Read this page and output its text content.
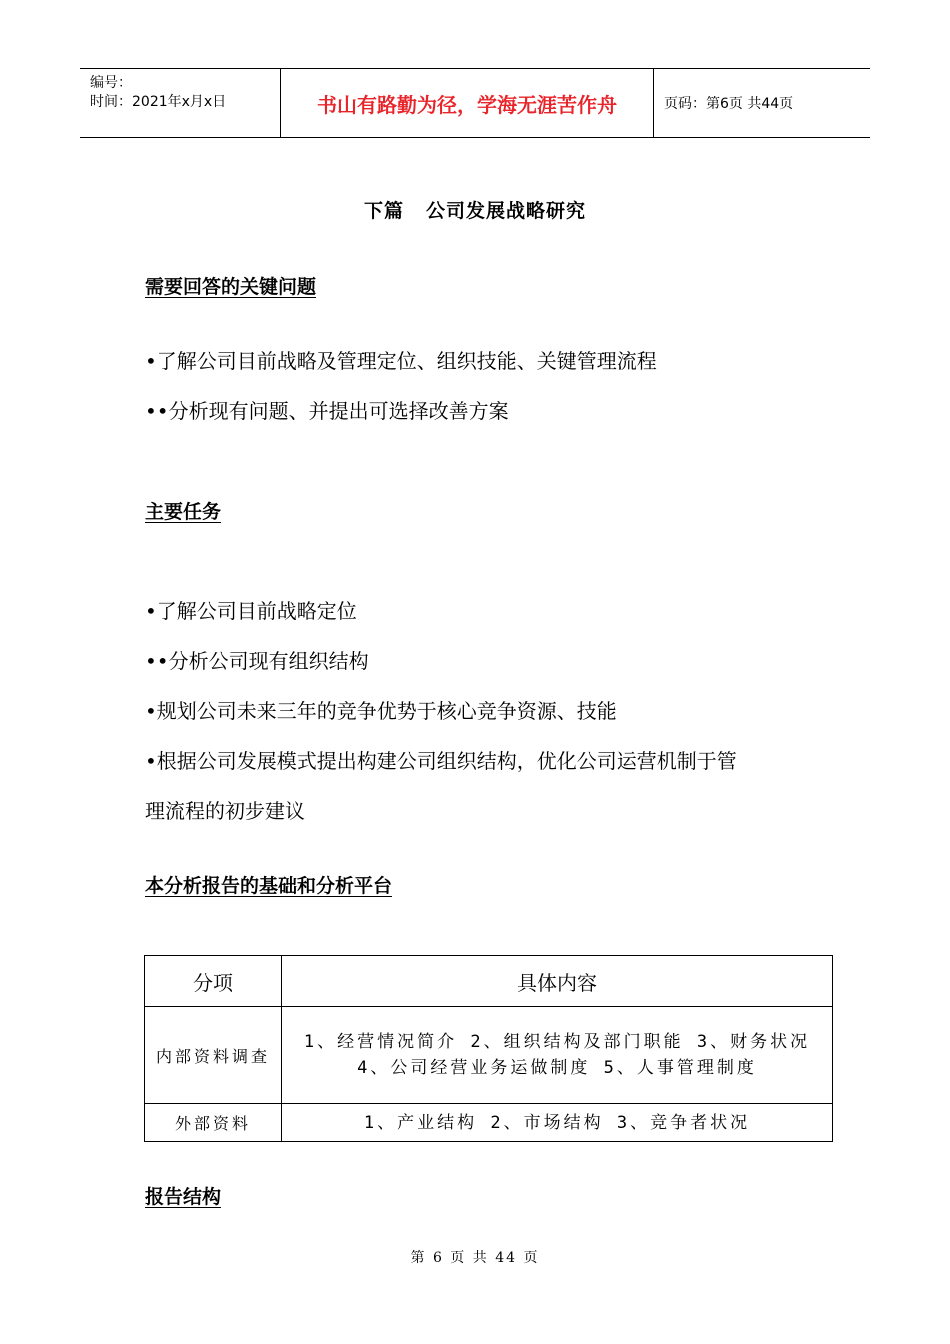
编号：
时间：2021年x月x日	书山有路勤为径，学海无涯苦作舟	页码：第6页 共44页
下篇 公司发展战略研究
需要回答的关键问题
•了解公司目前战略及管理定位、组织技能、关键管理流程
••分析现有问题、并提出可选择改善方案
主要任务
•了解公司目前战略定位
••分析公司现有组织结构
•规划公司未来三年的竞争优势于核心竞争资源、技能
•根据公司发展模式提出构建公司组织结构，优化公司运营机制于管
理流程的初步建议
本分析报告的基础和分析平台
分项	具体内容
内部资料调查	1、经营情况简介 2、组织结构及部门职能 3、财务状况
4、公司经营业务运做制度 5、人事管理制度

外部资料	1、产业结构 2、市场结构 3、竞争者状况
报告结构
第 6 页 共 44 页
